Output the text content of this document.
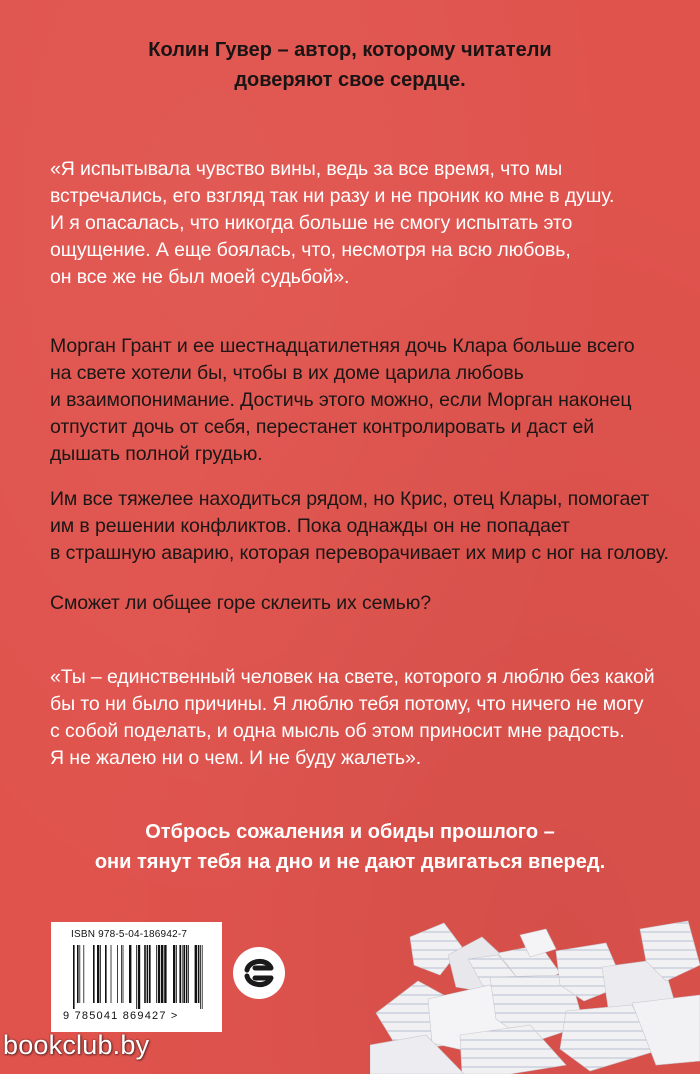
Колин Гувер – автор, которому читатели
доверяют свое сердце.
«Я испытывала чувство вины, ведь за все время, что мы
встречались, его взгляд так ни разу и не проник ко мне в душу.
И я опасалась, что никогда больше не смогу испытать это
ощущение. А еще боялась, что, несмотря на всю любовь,
он все же не был моей судьбой».
Морган Грант и ее шестнадцатилетняя дочь Клара больше всего
на свете хотели бы, чтобы в их доме царила любовь
и взаимопонимание. Достичь этого можно, если Морган наконец
отпустит дочь от себя, перестанет контролировать и даст ей
дышать полной грудью.
Им все тяжелее находиться рядом, но Крис, отец Клары, помогает
им в решении конфликтов. Пока однажды он не попадает
в страшную аварию, которая переворачивает их мир с ног на голову.
Сможет ли общее горе склеить их семью?
«Ты – единственный человек на свете, которого я люблю без какой
бы то ни было причины. Я люблю тебя потому, что ничего не могу
с собой поделать, и одна мысль об этом приносит мне радость.
Я не жалею ни о чем. И не буду жалеть».
Отбрось сожаления и обиды прошлого –
они тянут тебя на дно и не дают двигаться вперед.
ISBN 978-5-04-186942-7
9 785041 869427 >
bookclub.by
